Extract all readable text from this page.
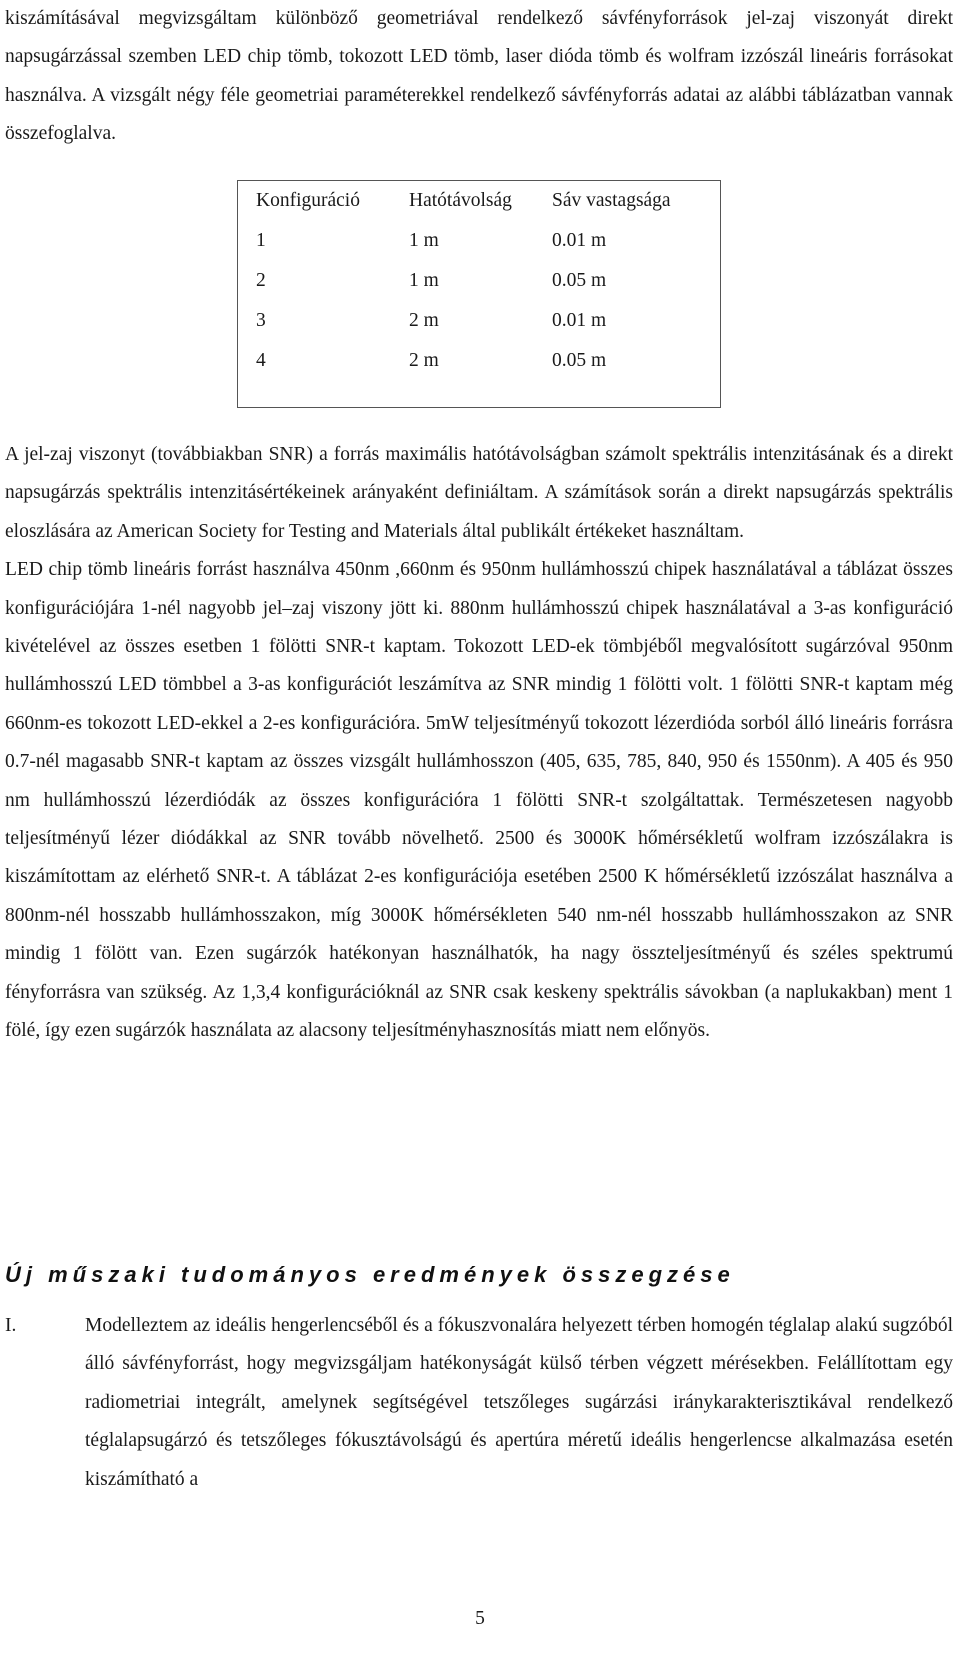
kiszámításával megvizsgáltam különböző geometriával rendelkező sávfényforrások jel-zaj viszonyát direkt napsugárzással szemben LED chip tömb, tokozott LED tömb, laser dióda tömb és wolfram izzószál lineáris forrásokat használva. A vizsgált négy féle geometriai paraméterekkel rendelkező sávfényforrás adatai az alábbi táblázatban vannak összefoglalva.

Konfiguráció	Hatótávolság	Sáv vastagsága
1	1 m	0.01 m
2	1 m	0.05 m
3	2 m	0.01 m
4	2 m	0.05 m

A jel-zaj viszonyt (továbbiakban SNR) a forrás maximális hatótávolságban számolt spektrális intenzitásának és a direkt napsugárzás spektrális intenzitásértékeinek arányaként definiáltam. A számítások során a direkt napsugárzás spektrális eloszlására az American Society for Testing and Materials által publikált értékeket használtam.

LED chip tömb lineáris forrást használva 450nm ,660nm és 950nm hullámhosszú chipek használatával a táblázat összes konfigurációjára 1-nél nagyobb jel–zaj viszony jött ki. 880nm hullámhosszú chipek használatával a 3-as konfiguráció kivételével az összes esetben 1 fölötti SNR-t kaptam. Tokozott LED-ek tömbjéből megvalósított sugárzóval 950nm hullámhosszú LED tömbbel a 3-as konfigurációt leszámítva az SNR mindig 1 fölötti volt. 1 fölötti SNR-t kaptam még 660nm-es tokozott LED-ekkel a 2-es konfigurációra. 5mW teljesítményű tokozott lézerdióda sorból álló lineáris forrásra 0.7-nél magasabb SNR-t kaptam az összes vizsgált hullámhosszon (405, 635, 785, 840, 950 és 1550nm). A 405 és 950 nm hullámhosszú lézerdiódák az összes konfigurációra 1 fölötti SNR-t szolgáltattak. Természetesen nagyobb teljesítményű lézer diódákkal az SNR tovább növelhető. 2500 és 3000K hőmérsékletű wolfram izzószálakra is kiszámítottam az elérhető SNR-t. A táblázat 2-es konfigurációja esetében 2500 K hőmérsékletű izzószálat használva a 800nm-nél hosszabb hullámhosszakon, míg 3000K hőmérsékleten 540 nm-nél hosszabb hullámhosszakon az SNR mindig 1 fölött van. Ezen sugárzók hatékonyan használhatók, ha nagy összteljesítményű és széles spektrumú fényforrásra van szükség. Az 1,3,4 konfigurációknál az SNR csak keskeny spektrális sávokban (a naplukakban) ment 1 fölé, így ezen sugárzók használata az alacsony teljesítményhasznosítás miatt nem előnyös.

Új műszaki tudományos eredmények összegzése
I.	Modelleztem az ideális hengerlencséből és a fókuszvonalára helyezett térben homogén téglalap alakú sugzóból álló sávfényforrást, hogy megvizsgáljam hatékonyságát külső térben végzett mérésekben. Felállítottam egy radiometriai integrált, amelynek segítségével tetszőleges sugárzási iránykarakterisztikával rendelkező téglalapsugárzó és tetszőleges fókusztávolságú és apertúra méretű ideális hengerlencse alkalmazása esetén kiszámítható a
5
